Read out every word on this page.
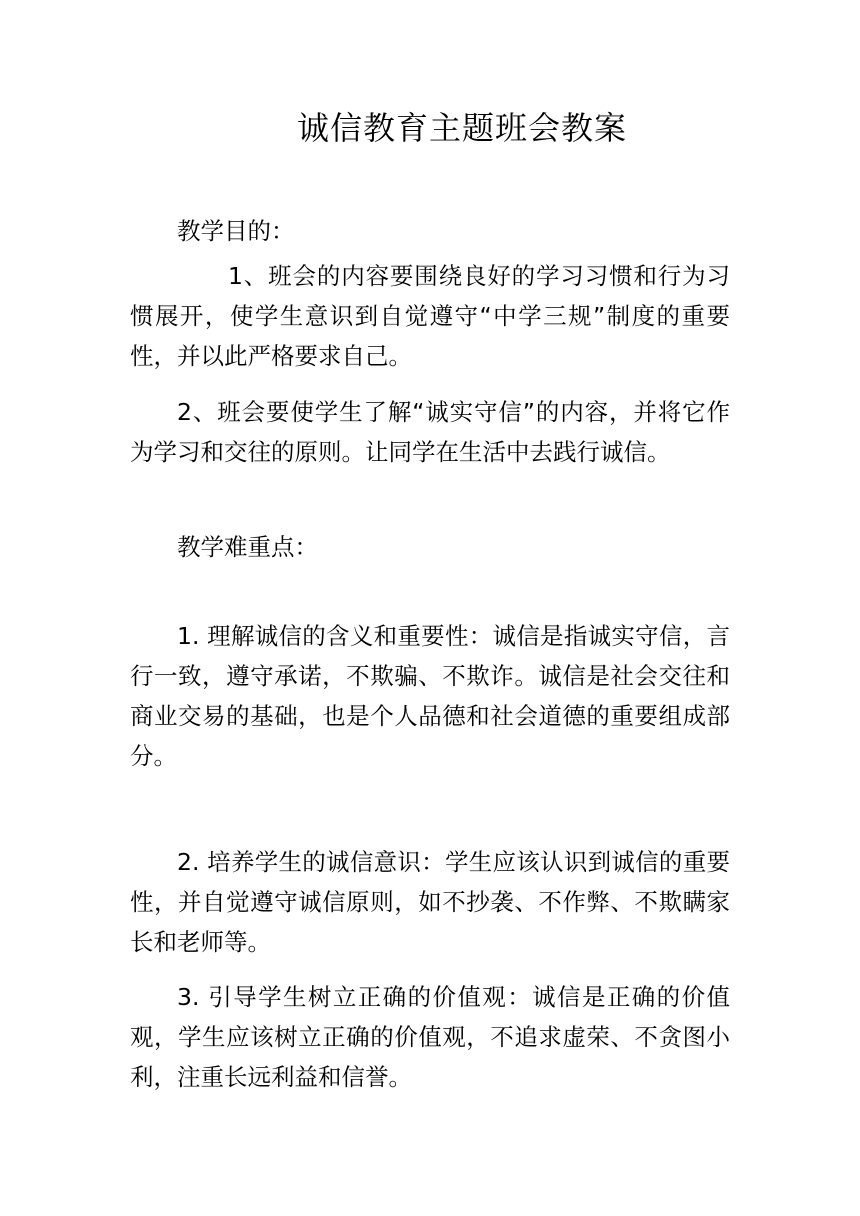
诚信教育主题班会教案
教学目的：
1、班会的内容要围绕良好的学习习惯和行为习惯展开，使学生意识到自觉遵守“中学三规”制度的重要性，并以此严格要求自己。
2、班会要使学生了解“诚实守信”的内容，并将它作为学习和交往的原则。让同学在生活中去践行诚信。
教学难重点：
1. 理解诚信的含义和重要性：诚信是指诚实守信，言行一致，遵守承诺，不欺骗、不欺诈。诚信是社会交往和商业交易的基础，也是个人品德和社会道德的重要组成部分。
2. 培养学生的诚信意识：学生应该认识到诚信的重要性，并自觉遵守诚信原则，如不抄袭、不作弊、不欺瞒家长和老师等。
3. 引导学生树立正确的价值观：诚信是正确的价值观，学生应该树立正确的价值观，不追求虚荣、不贪图小利，注重长远利益和信誉。
